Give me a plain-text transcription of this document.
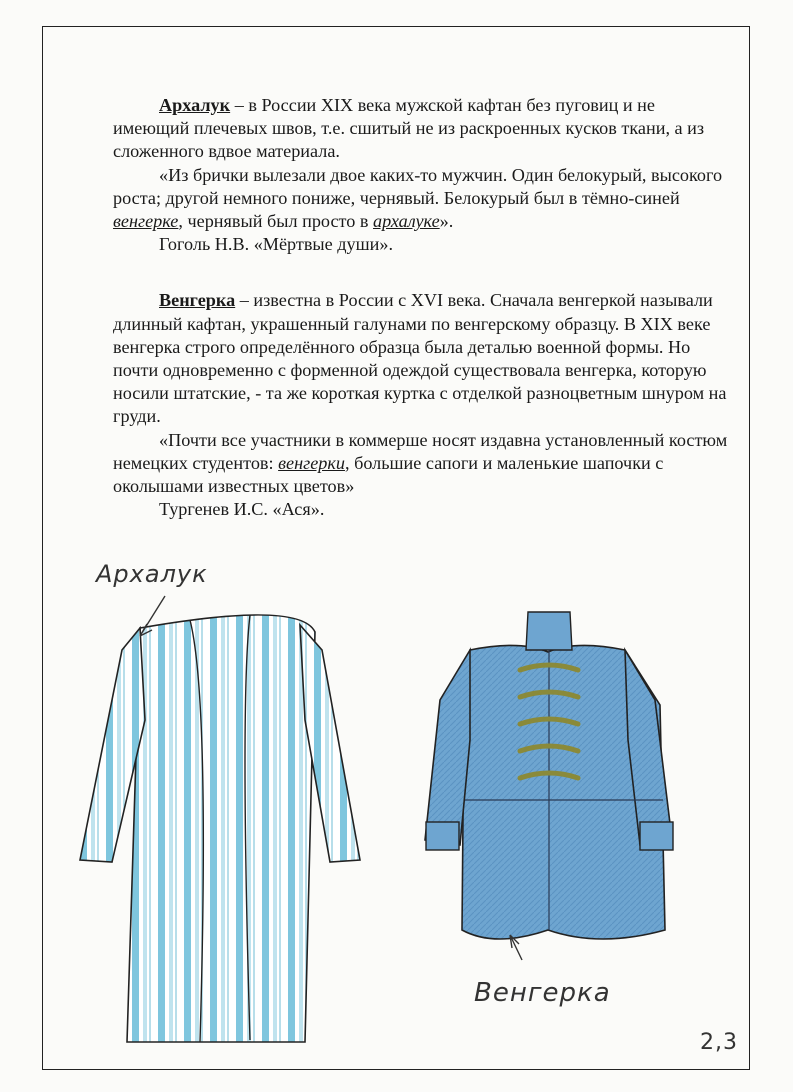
Архалук – в России XIX века мужской кафтан без пуговиц и не имеющий плечевых швов, т.е. сшитый не из раскроенных кусков ткани, а из сложенного вдвое материала.

«Из брички вылезали двое каких-то мужчин. Один белокурый, высокого роста; другой немного пониже, чернявый. Белокурый был в тёмно-синей венгерке, чернявый был просто в архалуке».

Гоголь Н.В. «Мёртвые души».

Венгерка – известна в России с XVI века. Сначала венгеркой называли длинный кафтан, украшенный галунами по венгерскому образцу. В XIX веке венгерка строго определённого образца была деталью военной формы. Но почти одновременно с форменной одеждой существовала венгерка, которую носили штатские, - та же короткая куртка с отделкой разноцветным шнуром на груди.

«Почти все участники в коммерше носят издавна установленный костюм немецких студентов: венгерки, большие сапоги и маленькие шапочки с околышами известных цветов»

Тургенев И.С. «Ася».

Архалук
Венгерка
2,3
